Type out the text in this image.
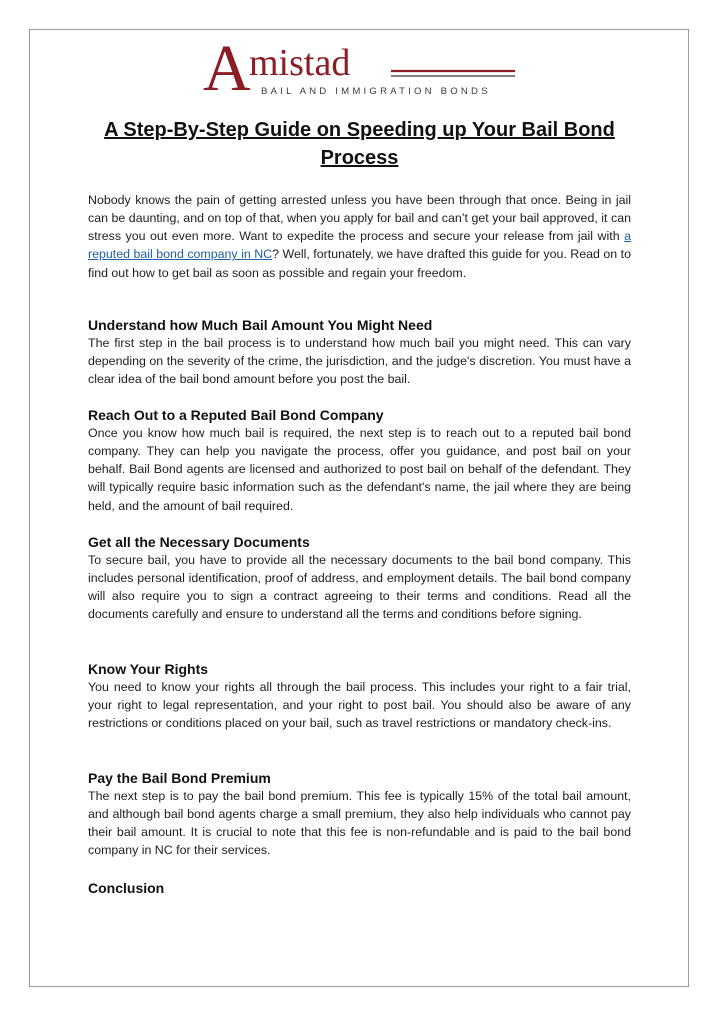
A
mistad
BAIL AND IMMIGRATION BONDS
A Step-By-Step Guide on Speeding up Your Bail Bond Process

Nobody knows the pain of getting arrested unless you have been through that once. Being in jail can be daunting, and on top of that, when you apply for bail and can’t get your bail approved, it can stress you out even more. Want to expedite the process and secure your release from jail with a reputed bail bond company in NC? Well, fortunately, we have drafted this guide for you. Read on to find out how to get bail as soon as possible and regain your freedom.

Understand how Much Bail Amount You Might Need

The first step in the bail process is to understand how much bail you might need. This can vary depending on the severity of the crime, the jurisdiction, and the judge's discretion. You must have a clear idea of the bail bond amount before you post the bail.

Reach Out to a Reputed Bail Bond Company

Once you know how much bail is required, the next step is to reach out to a reputed bail bond company. They can help you navigate the process, offer you guidance, and post bail on your behalf. Bail Bond agents are licensed and authorized to post bail on behalf of the defendant. They will typically require basic information such as the defendant's name, the jail where they are being held, and the amount of bail required.

Get all the Necessary Documents

To secure bail, you have to provide all the necessary documents to the bail bond company. This includes personal identification, proof of address, and employment details. The bail bond company will also require you to sign a contract agreeing to their terms and conditions. Read all the documents carefully and ensure to understand all the terms and conditions before signing.

Know Your Rights

You need to know your rights all through the bail process. This includes your right to a fair trial, your right to legal representation, and your right to post bail. You should also be aware of any restrictions or conditions placed on your bail, such as travel restrictions or mandatory check-ins.

Pay the Bail Bond Premium

The next step is to pay the bail bond premium. This fee is typically 15% of the total bail amount, and although bail bond agents charge a small premium, they also help individuals who cannot pay their bail amount. It is crucial to note that this fee is non-refundable and is paid to the bail bond company in NC for their services.

Conclusion
